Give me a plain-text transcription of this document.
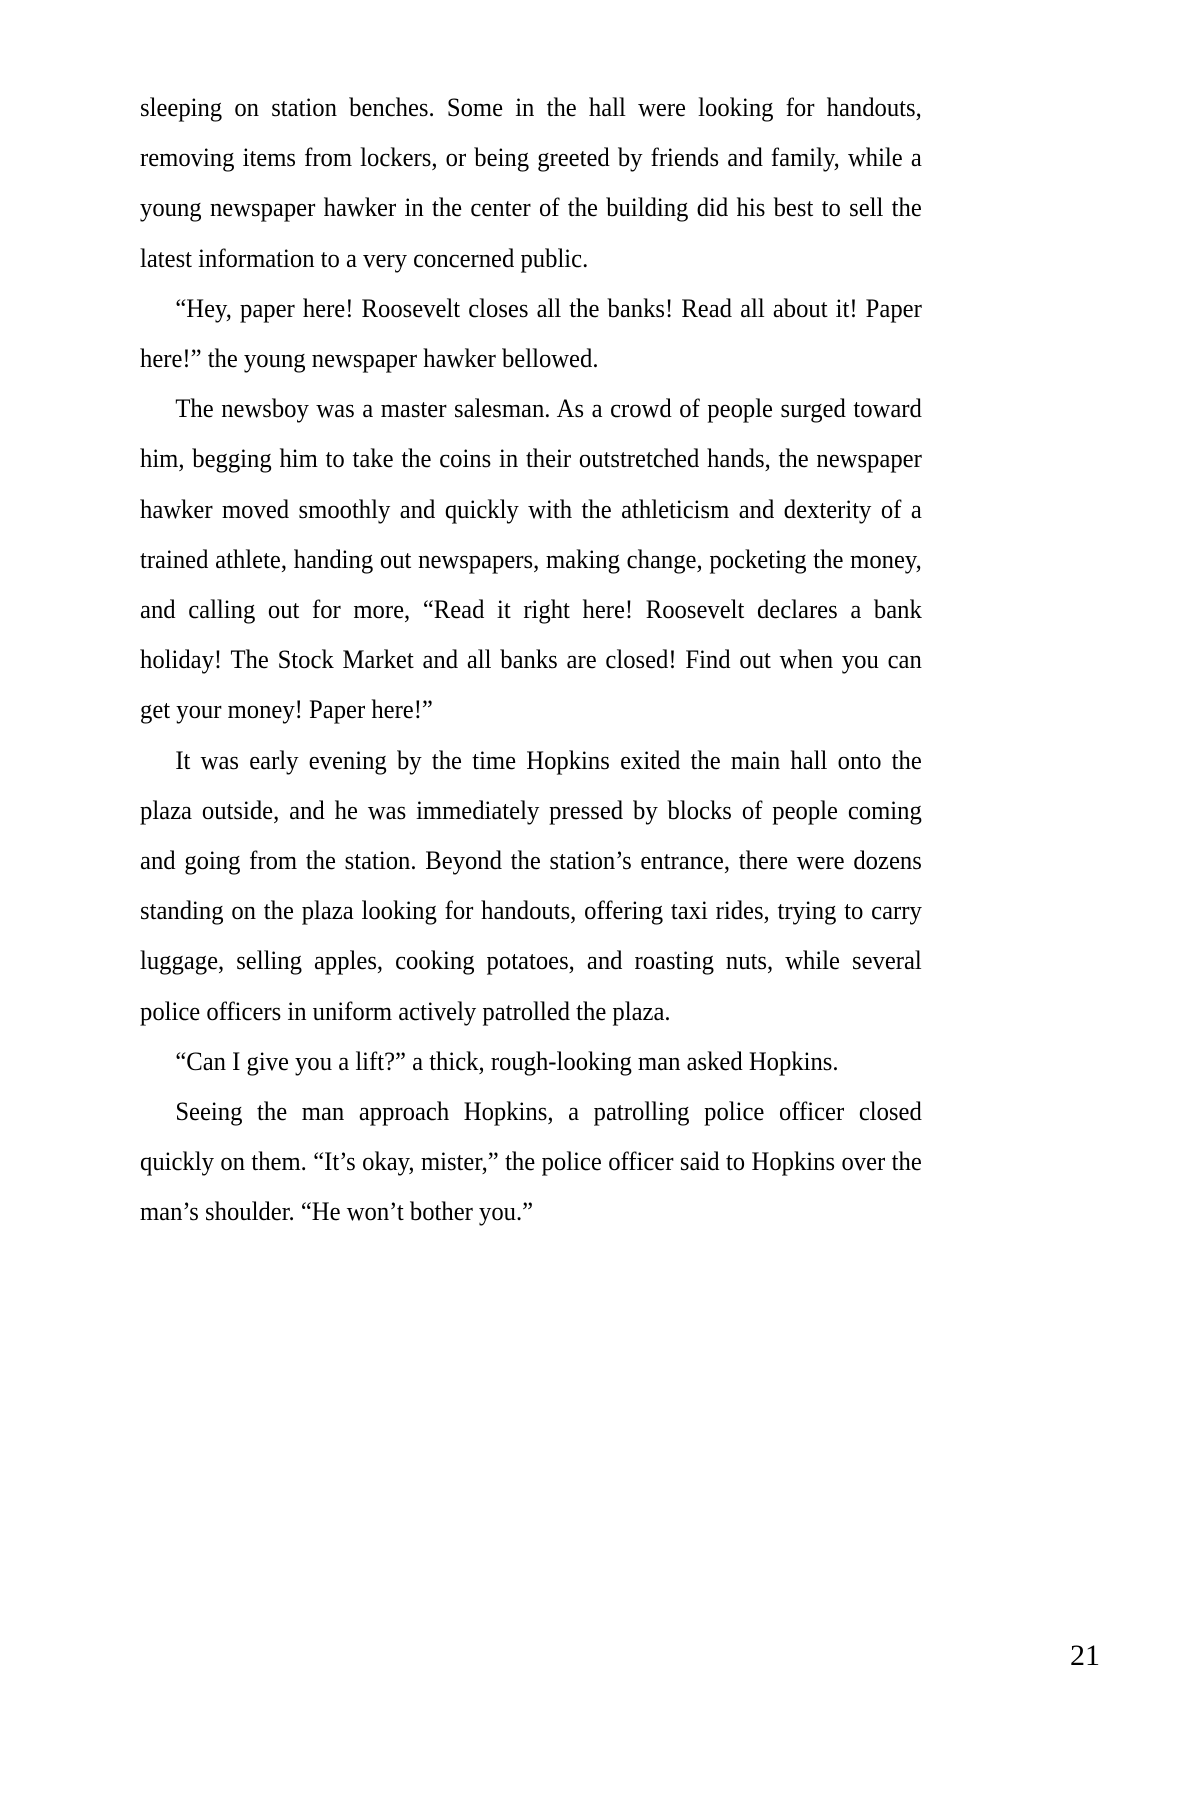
sleeping on station benches. Some in the hall were looking for handouts, removing items from lockers, or being greeted by friends and family, while a young newspaper hawker in the center of the building did his best to sell the latest information to a very concerned public.

“Hey, paper here! Roosevelt closes all the banks! Read all about it! Paper here!” the young newspaper hawker bellowed.

The newsboy was a master salesman. As a crowd of people surged toward him, begging him to take the coins in their outstretched hands, the newspaper hawker moved smoothly and quickly with the athleticism and dexterity of a trained athlete, handing out newspapers, making change, pocketing the money, and calling out for more, “Read it right here! Roosevelt declares a bank holiday! The Stock Market and all banks are closed! Find out when you can get your money! Paper here!”

It was early evening by the time Hopkins exited the main hall onto the plaza outside, and he was immediately pressed by blocks of people coming and going from the station. Beyond the station’s entrance, there were dozens standing on the plaza looking for handouts, offering taxi rides, trying to carry luggage, selling apples, cooking potatoes, and roasting nuts, while several police officers in uniform actively patrolled the plaza.

“Can I give you a lift?” a thick, rough-looking man asked Hopkins.

Seeing the man approach Hopkins, a patrolling police officer closed quickly on them. “It’s okay, mister,” the police officer said to Hopkins over the man’s shoulder. “He won’t bother you.”

21
